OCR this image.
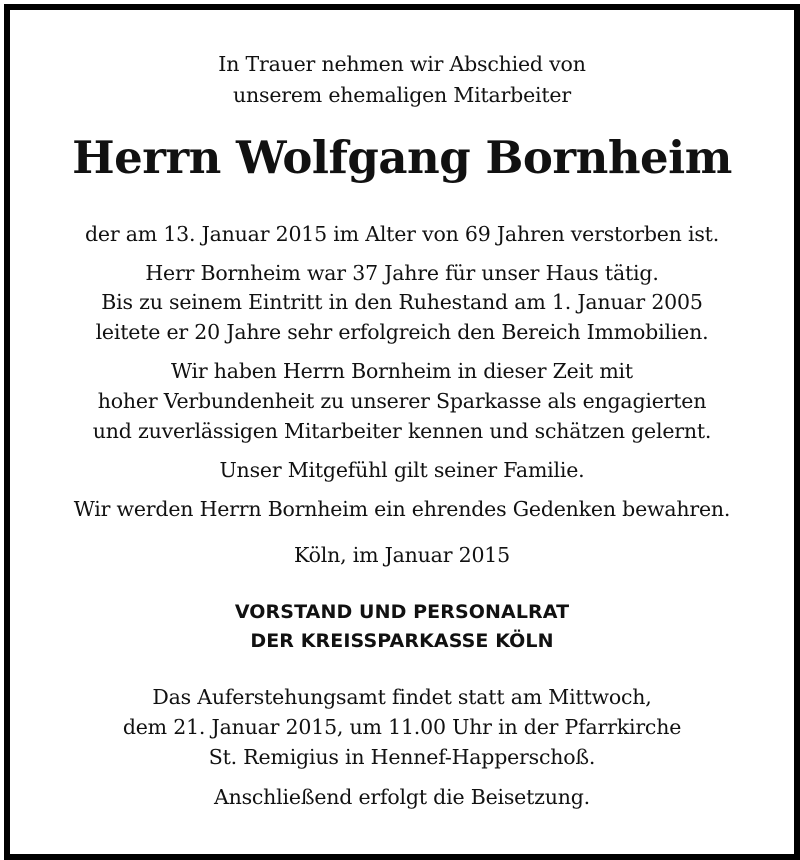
In Trauer nehmen wir Abschied von
unserem ehemaligen Mitarbeiter
Herrn Wolfgang Bornheim
der am 13. Januar 2015 im Alter von 69 Jahren verstorben ist.
Herr Bornheim war 37 Jahre für unser Haus tätig.
Bis zu seinem Eintritt in den Ruhestand am 1. Januar 2005
leitete er 20 Jahre sehr erfolgreich den Bereich Immobilien.
Wir haben Herrn Bornheim in dieser Zeit mit
hoher Verbundenheit zu unserer Sparkasse als engagierten
und zuverlässigen Mitarbeiter kennen und schätzen gelernt.
Unser Mitgefühl gilt seiner Familie.
Wir werden Herrn Bornheim ein ehrendes Gedenken bewahren.
Köln, im Januar 2015
VORSTAND UND PERSONALRAT
DER KREISSPARKASSE KÖLN
Das Auferstehungsamt findet statt am Mittwoch,
dem 21. Januar 2015, um 11.00 Uhr in der Pfarrkirche
St. Remigius in Hennef-Happerschoß.
Anschließend erfolgt die Beisetzung.
